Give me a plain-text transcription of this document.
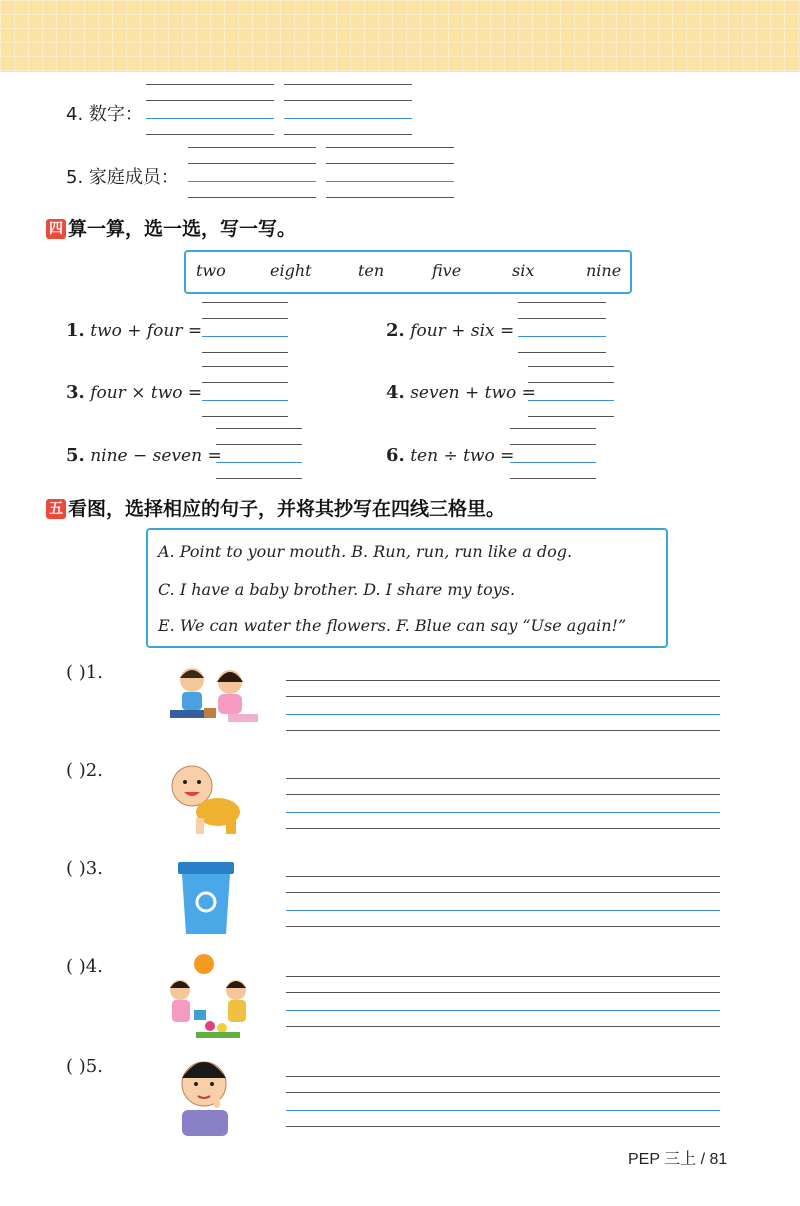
4. 数字：
5. 家庭成员：
四 算一算，选一选，写一写。
two	eight	ten	five	six	nine
1. two + four =	2. four + six =
3. four × two =	4. seven + two =
5. nine − seven =	6. ten ÷ two =
五 看图，选择相应的句子，并将其抄写在四线三格里。
A. Point to your mouth. B. Run, run, run like a dog.
C. I have a baby brother. D. I share my toys.
E. We can water the flowers. F. Blue can say “Use again!”
( )1.
( )2.
( )3.
( )4.
( )5.
PEP 三上 / 81
